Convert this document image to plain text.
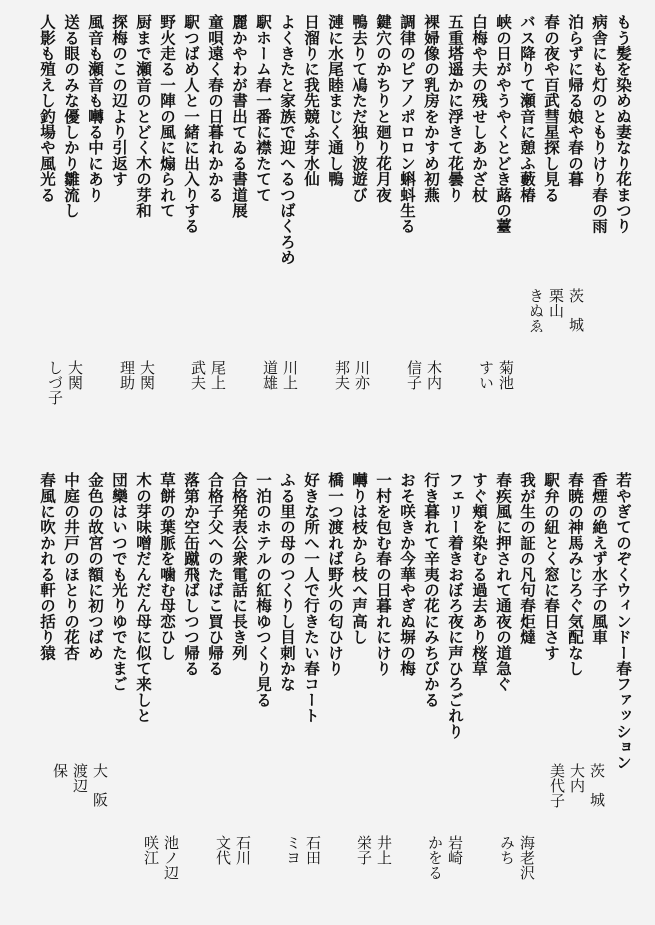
もう髪を染めぬ妻なり花まつり
病舎にも灯のともりけり春の雨
泊らずに帰る娘や春の暮
春の夜や百武彗星探し見る
バス降りて瀬音に憩ふ藪椿
峡の日がやうやくとどき蕗の薹
白梅や夫の残せしあかざ杖
五重塔遥かに浮きて花曇り
裸婦像の乳房をかすめ初燕
調律のピアノポロロン蝌蚪生る
鍵穴のかちりと廻り花月夜
鴨去りて鳰ただ独り波遊び
漣に水尾睦まじく通し鴨
日溜りに我先競ふ芽水仙
よくきたと家族で迎へるつばくろめ
駅ホーム春一番に襟たてて
麗かやわが書出てゐる書道展
童唄遠く春の日暮れかかる
駅つばめ人と一緒に出入りする
野火走る一陣の風に煽られて
厨まで瀬音のとどく木の芽和
探梅のこの辺より引返す
風音も瀬音も囀る中にあり
送る眼のみな優しかり雛流し
人影も殖えし釣場や風光る
茨城
栗山
きぬゑ
菊池
すい
木内
信子
川亦
邦夫
川上
道雄
尾上
武夫
大関
理助
大関
しづ子
若やぎてのぞくウィンドー春ファッション
香煙の絶えず水子の風車
春暁の神馬みじろぐ気配なし
駅弁の紐とく窓に春日さす
我が生の証の凡句春炬燵
春疾風に押されて通夜の道急ぐ
すぐ頬を染むる過去あり桜草
フェリー着きおぼろ夜に声ひろごれり
行き暮れて辛夷の花にみちびかる
おそ咲きか今華やぎぬ塀の梅
一村を包む春の日暮れにけり
囀りは枝から枝へ声高し
橋一つ渡れば野火の匂ひけり
好きな所へ一人で行きたい春コート
ふる里の母のつくりし目刺かな
一泊のホテルの紅梅ゆつくり見る
合格発表公衆電話に長き列
合格子父へのたばこ買ひ帰る
落第か空缶蹴飛ばしつつ帰る
草餅の葉脈を噛む母恋ひし
木の芽味噌だんだん母に似て来しと
団欒はいつでも光りゆでたまご
金色の故宮の額に初つばめ
中庭の井戸のほとりの花杏
春風に吹かれる軒の括り猿
茨城
大内
美代子
海老沢
みち
岩崎
かをる
井上
栄子
石田
ミヨ
石川
文代
池ノ辺
咲江
大阪
渡辺
保
